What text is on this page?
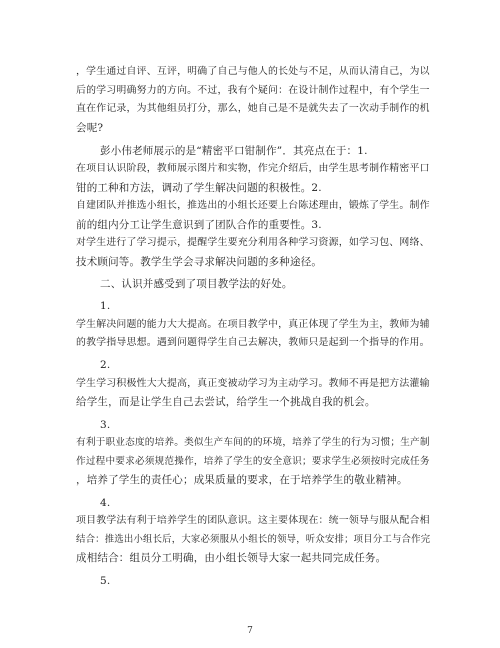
，学生通过自评、互评，明确了自己与他人的长处与不足，从而认清自己，为以
后的学习明确努力的方向。不过，我有个疑问：在设计制作过程中，有个学生一
直在作记录，为其他组员打分，那么，她自己是不是就失去了一次动手制作的机
会呢?
彭小伟老师展示的是“精密平口钳制作”．其亮点在于：1.
在项目认识阶段，教师展示图片和实物，作完介绍后，由学生思考制作精密平口
钳的工种和方法，调动了学生解决问题的积极性。2.
自建团队并推选小组长，推选出的小组长还要上台陈述理由，锻炼了学生。制作
前的组内分工让学生意识到了团队合作的重要性。3.
对学生进行了学习提示，提醒学生要充分利用各种学习资源，如学习包、网络、
技术顾问等。教学生学会寻求解决问题的多种途径。
二、认识并感受到了项目教学法的好处。
1.
学生解决问题的能力大大提高。在项目教学中，真正体现了学生为主，教师为辅
的教学指导思想。遇到问题得学生自己去解决，教师只是起到一个指导的作用。
2.
学生学习积极性大大提高，真正变被动学习为主动学习。教师不再是把方法灌输
给学生，而是让学生自己去尝试，给学生一个挑战自我的机会。
3.
有利于职业态度的培养。类似生产车间的的环境，培养了学生的行为习惯；生产制
作过程中要求必须规范操作，培养了学生的安全意识；要求学生必须按时完成任务
，培养了学生的责任心；成果质量的要求，在于培养学生的敬业精神。
4.
项目教学法有利于培养学生的团队意识。这主要体现在：统一领导与服从配合相
结合：推选出小组长后，大家必须服从小组长的领导，听众安排；项目分工与合作完
成相结合：组员分工明确，由小组长领导大家一起共同完成任务。
5.
7
